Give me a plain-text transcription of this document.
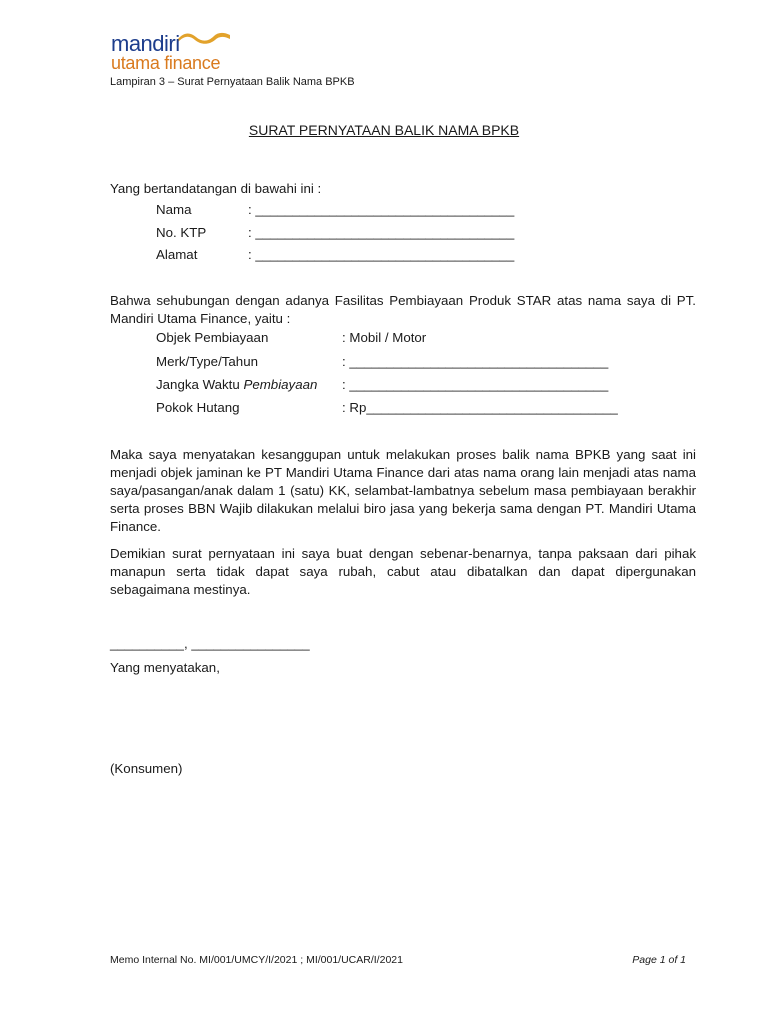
mandiri
utama finance
Lampiran 3 – Surat Pernyataan Balik Nama BPKB
SURAT PERNYATAAN BALIK NAMA BPKB
Yang bertandatangan di bawahi ini :
Nama	: ___________________________________
No. KTP	: ___________________________________
Alamat	: ___________________________________
Bahwa sehubungan dengan adanya Fasilitas Pembiayaan Produk STAR atas nama saya di PT. Mandiri Utama Finance, yaitu :
Objek Pembiayaan	: Mobil / Motor
Merk/Type/Tahun	: ___________________________________
Jangka Waktu Pembiayaan : ___________________________________
Pokok Hutang	: Rp__________________________________
Maka saya menyatakan kesanggupan untuk melakukan proses balik nama BPKB yang saat ini menjadi objek jaminan ke PT Mandiri Utama Finance dari atas nama orang lain menjadi atas nama saya/pasangan/anak dalam 1 (satu) KK, selambat-lambatnya sebelum masa pembiayaan berakhir serta proses BBN Wajib dilakukan melalui biro jasa yang bekerja sama dengan PT. Mandiri Utama Finance.
Demikian surat pernyataan ini saya buat dengan sebenar-benarnya, tanpa paksaan dari pihak manapun serta tidak dapat saya rubah, cabut atau dibatalkan dan dapat dipergunakan sebagaimana mestinya.
__________, ________________
Yang menyatakan,
(Konsumen)
Memo Internal No. MI/001/UMCY/I/2021 ; MI/001/UCAR/I/2021	Page 1 of 1
